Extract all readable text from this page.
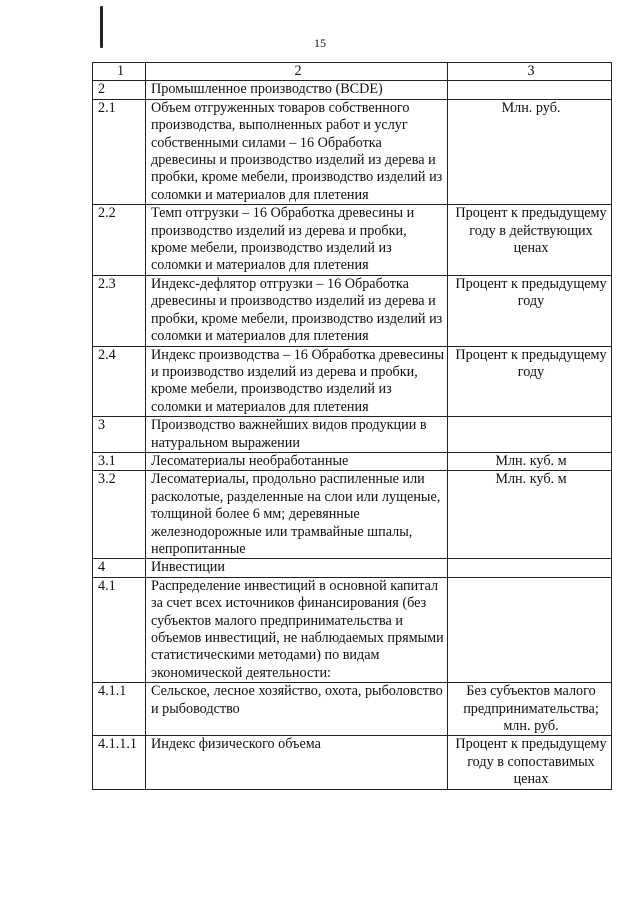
15
1	2	3
2	Промышленное производство (BCDE)	
2.1	Объем отгруженных товаров собственного производства, выполненных работ и услуг собственными силами – 16 Обработка древесины и производство изделий из дерева и пробки, кроме мебели, производство изделий из соломки и материалов для плетения	Млн. руб.
2.2	Темп отгрузки – 16 Обработка древесины и производство изделий из дерева и пробки, кроме мебели, производство изделий из соломки и материалов для плетения	Процент к предыдущему году в действующих ценах
2.3	Индекс-дефлятор отгрузки – 16 Обработка древесины и производство изделий из дерева и пробки, кроме мебели, производство изделий из соломки и материалов для плетения	Процент к предыдущему году
2.4	Индекс производства – 16 Обработка древесины и производство изделий из дерева и пробки, кроме мебели, производство изделий из соломки и материалов для плетения	Процент к предыдущему году
3	Производство важнейших видов продукции в натуральном выражении	
3.1	Лесоматериалы необработанные	Млн. куб. м
3.2	Лесоматериалы, продольно распиленные или расколотые, разделенные на слои или лущеные, толщиной более 6 мм; деревянные железнодорожные или трамвайные шпалы, непропитанные	Млн. куб. м
4	Инвестиции	
4.1	Распределение инвестиций в основной капитал за счет всех источников финансирования (без субъектов малого предпринимательства и объемов инвестиций, не наблюдаемых прямыми статистическими методами) по видам экономической деятельности:	
4.1.1	Сельское, лесное хозяйство, охота, рыболовство и рыбоводство	Без субъектов малого предпринимательства; млн. руб.
4.1.1.1	Индекс физического объема	Процент к предыдущему году в сопоставимых ценах
